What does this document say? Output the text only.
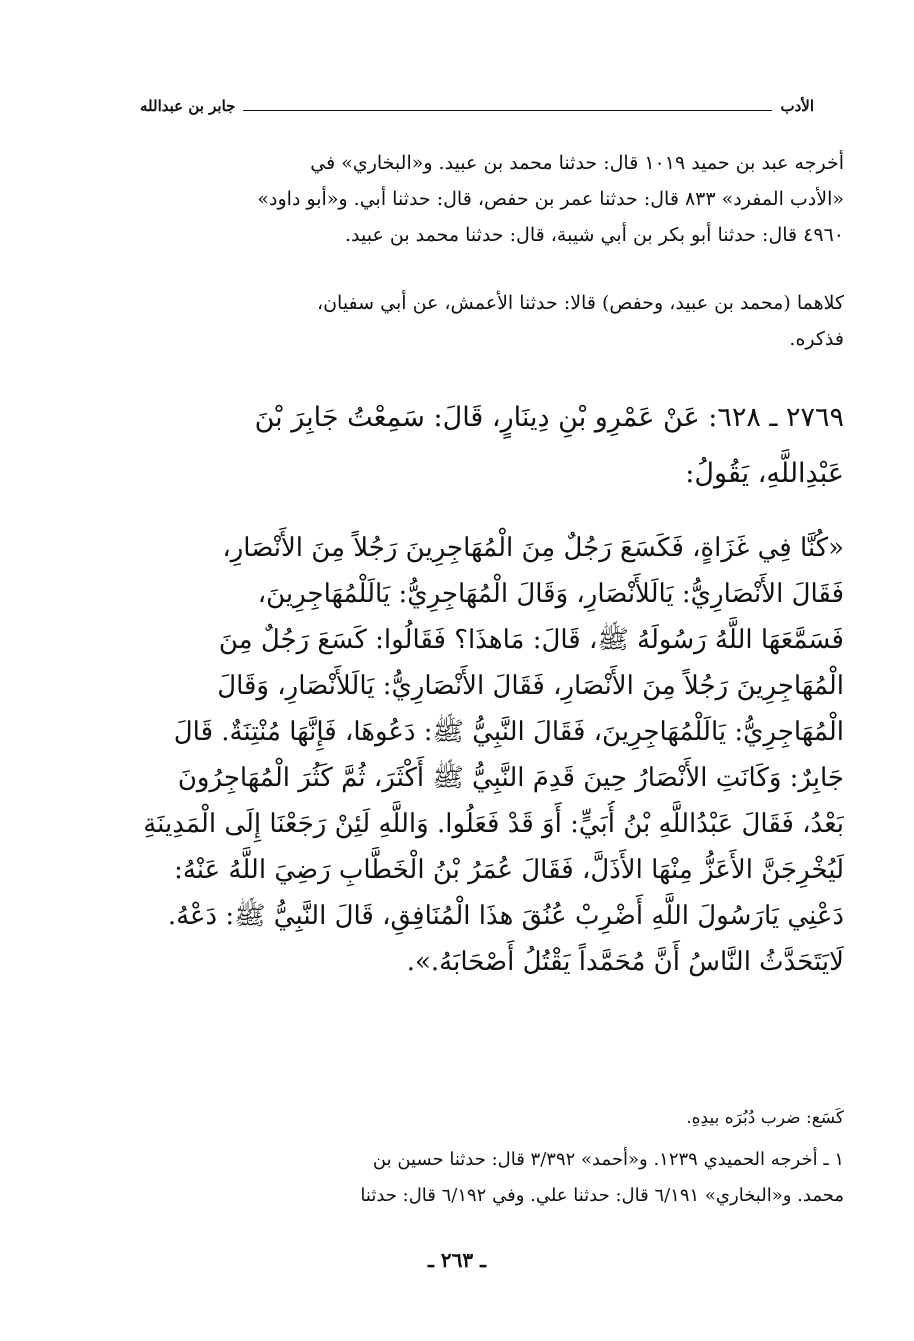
الأدب
جابر بن عبدالله
أخرجه عبد بن حميد ١٠١٩ قال: حدثنا محمد بن عبيد. و«البخاري» في
«الأدب المفرد» ٨٣٣ قال: حدثنا عمر بن حفص، قال: حدثنا أبي. و«أبو داود»
٤٩٦٠ قال: حدثنا أبو بكر بن أبي شيبة، قال: حدثنا محمد بن عبيد.
كلاهما (محمد بن عبيد، وحفص) قالا: حدثنا الأعمش، عن أبي سفيان،
فذكره.
٢٧٦٩ ـ ٦٢٨: عَنْ عَمْرِو بْنِ دِينَارٍ، قَالَ: سَمِعْتُ جَابِرَ بْنَ
عَبْدِاللَّهِ، يَقُولُ:
«كُنَّا فِي غَزَاةٍ، فَكَسَعَ رَجُلٌ مِنَ الْمُهَاجِرِينَ رَجُلاً مِنَ الأَنْصَارِ،
فَقَالَ الأَنْصَارِيُّ: يَالَلأَنْصَارِ، وَقَالَ الْمُهَاجِرِيُّ: يَالَلْمُهَاجِرِينَ،
فَسَمَّعَهَا اللَّهُ رَسُولَهُ ﷺ، قَالَ: مَاهذَا؟ فَقَالُوا: كَسَعَ رَجُلٌ مِنَ
الْمُهَاجِرِينَ رَجُلاً مِنَ الأَنْصَارِ، فَقَالَ الأَنْصَارِيُّ: يَالَلأَنْصَارِ، وَقَالَ
الْمُهَاجِرِيُّ: يَالَلْمُهَاجِرِينَ، فَقَالَ النَّبِيُّ ﷺ: دَعُوهَا، فَإِنَّهَا مُنْتِنَةٌ. قَالَ
جَابِرٌ: وَكَانَتِ الأَنْصَارُ حِينَ قَدِمَ النَّبِيُّ ﷺ أَكْثَرَ، ثُمَّ كَثُرَ الْمُهَاجِرُونَ
بَعْدُ، فَقَالَ عَبْدُاللَّهِ بْنُ أُبَيٍّ: أَوَ قَدْ فَعَلُوا. وَاللَّهِ لَئِنْ رَجَعْنَا إِلَى الْمَدِينَةِ
لَيُخْرِجَنَّ الأَعَزُّ مِنْهَا الأَذَلَّ، فَقَالَ عُمَرُ بْنُ الْخَطَّابِ رَضِيَ اللَّهُ عَنْهُ:
دَعْنِي يَارَسُولَ اللَّهِ أَضْرِبْ عُنُقَ هذَا الْمُنَافِقِ، قَالَ النَّبِيُّ ﷺ: دَعْهُ.
لَايَتَحَدَّثُ النَّاسُ أَنَّ مُحَمَّداً يَقْتُلُ أَصْحَابَهُ.».
كَسَع: ضرب دُبُرَه بيدِهِ.
١ ـ أخرجه الحميدي ١٢٣٩. و«أحمد» ٣/٣٩٢ قال: حدثنا حسين بن
محمد. و«البخاري» ٦/١٩١ قال: حدثنا علي. وفي ٦/١٩٢ قال: حدثنا
ـ ٢٦٣ ـ
